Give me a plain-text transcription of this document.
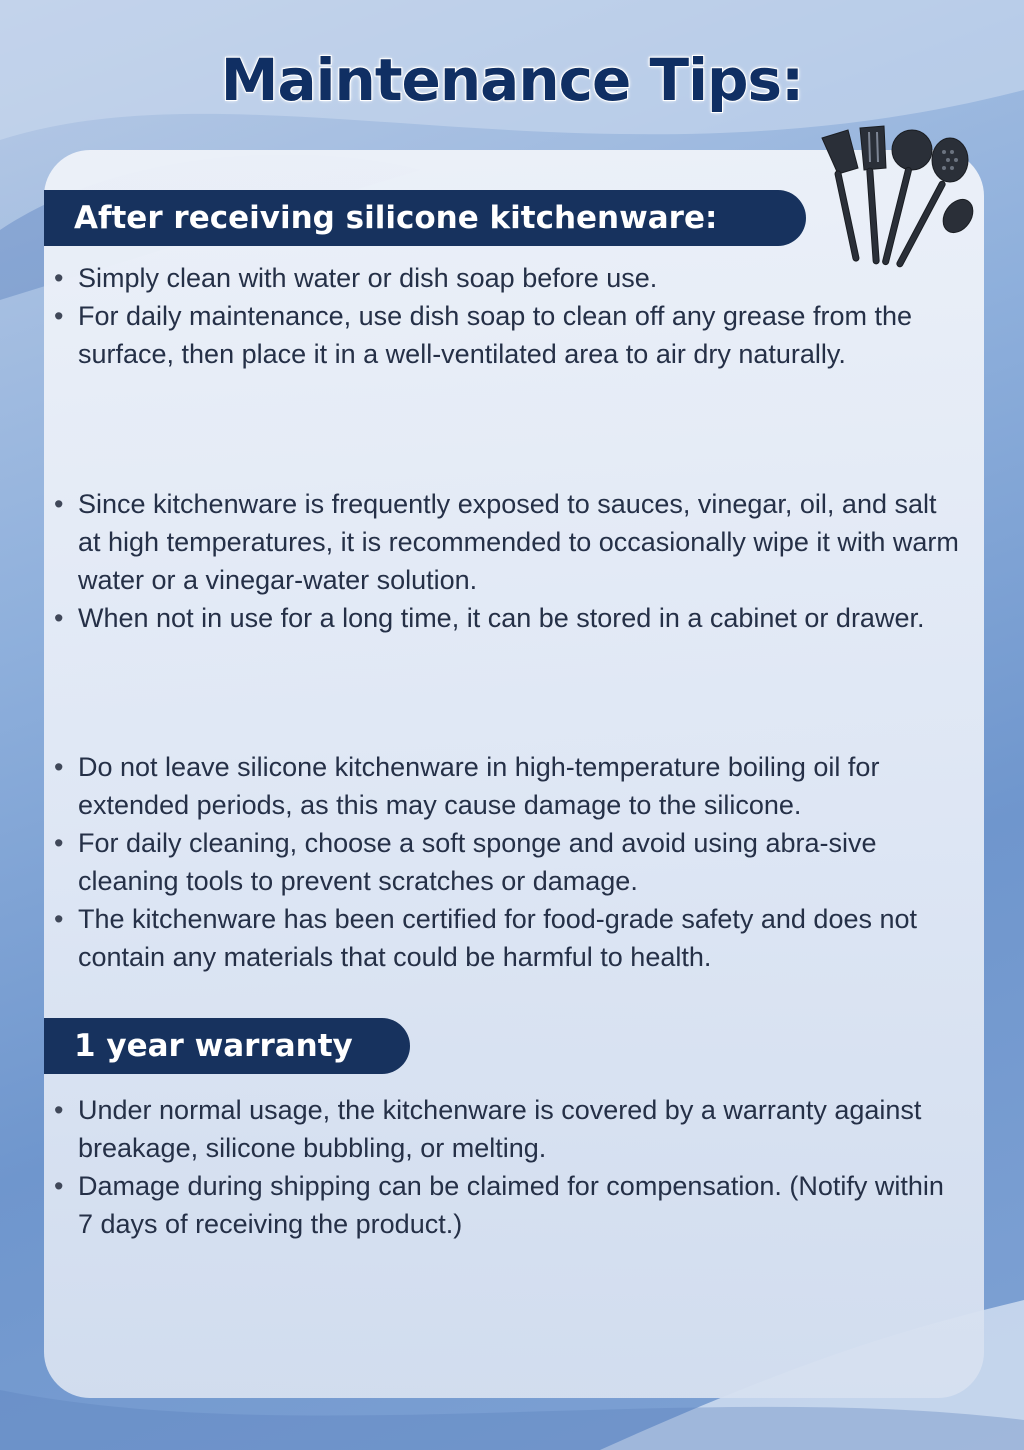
Maintenance Tips:
After receiving silicone kitchenware:
• Simply clean with water or dish soap before use.
• For daily maintenance, use dish soap to clean off any grease from the surface, then place it in a well-ventilated area to air dry naturally.
• Since kitchenware is frequently exposed to sauces, vinegar, oil, and salt at high temperatures, it is recommended to occasionally wipe it with warm water or a vinegar-water solution.
• When not in use for a long time, it can be stored in a cabinet or drawer.
• Do not leave silicone kitchenware in high-temperature boiling oil for extended periods, as this may cause damage to the silicone.
• For daily cleaning, choose a soft sponge and avoid using abra-sive cleaning tools to prevent scratches or damage.
• The kitchenware has been certified for food-grade safety and does not contain any materials that could be harmful to health.
1 year warranty
• Under normal usage, the kitchenware is covered by a warranty against breakage, silicone bubbling, or melting.
• Damage during shipping can be claimed for compensation. (Notify within 7 days of receiving the product.)
